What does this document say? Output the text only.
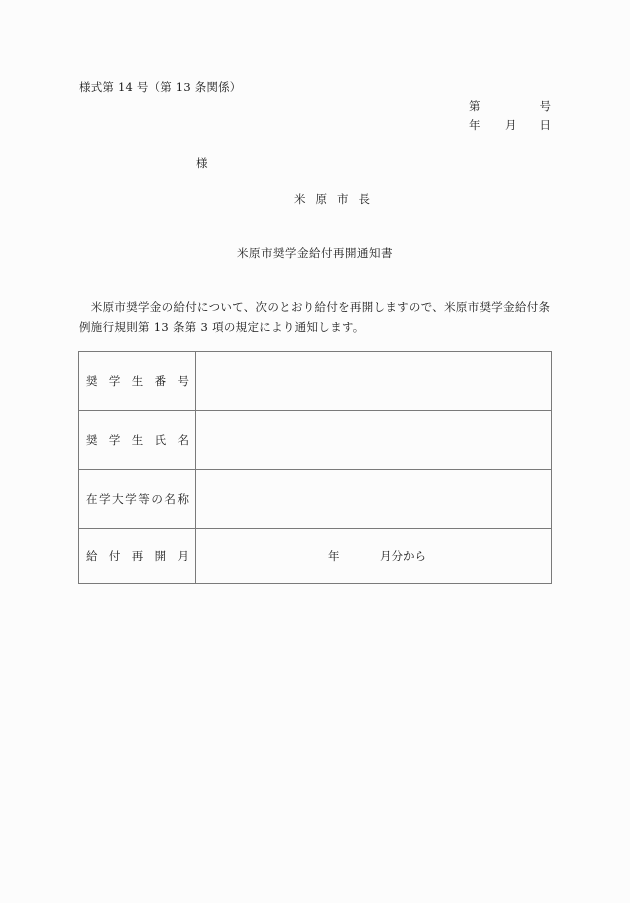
様式第 14 号（第 13 条関係）
第	号
年 月 日
様
米原市長
米原市奨学金給付再開通知書
　米原市奨学金の給付について、次のとおり給付を再開しますので、米原市奨学金給付条例施行規則第 13 条第 3 項の規定により通知します。
奨 学 生 番 号	

奨 学 生 氏 名	

在 学 大 学 等 の 名 称

給 付 再 開 月	年 月分から
